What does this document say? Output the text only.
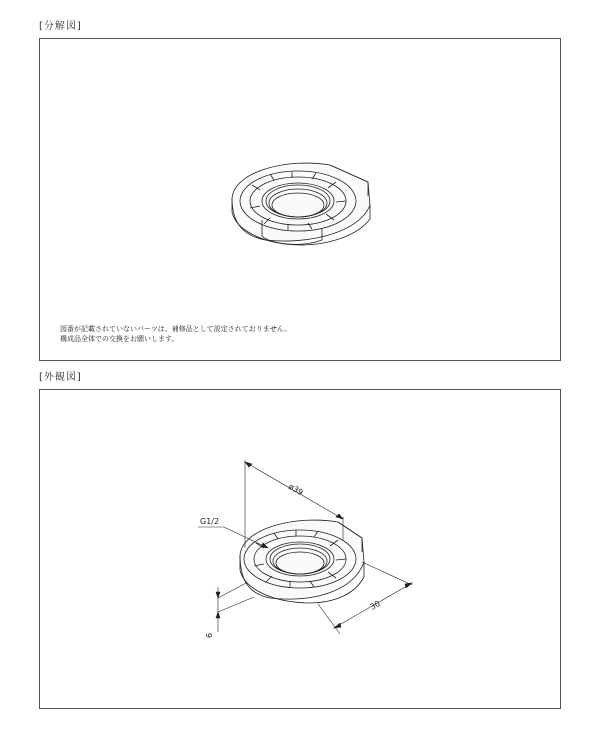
[分解図]
図番が記載されていないパーツは、補修品として設定されておりません。
構成品全体での交換をお願いします。
[外観図]
ø39
G1/2
30
6
